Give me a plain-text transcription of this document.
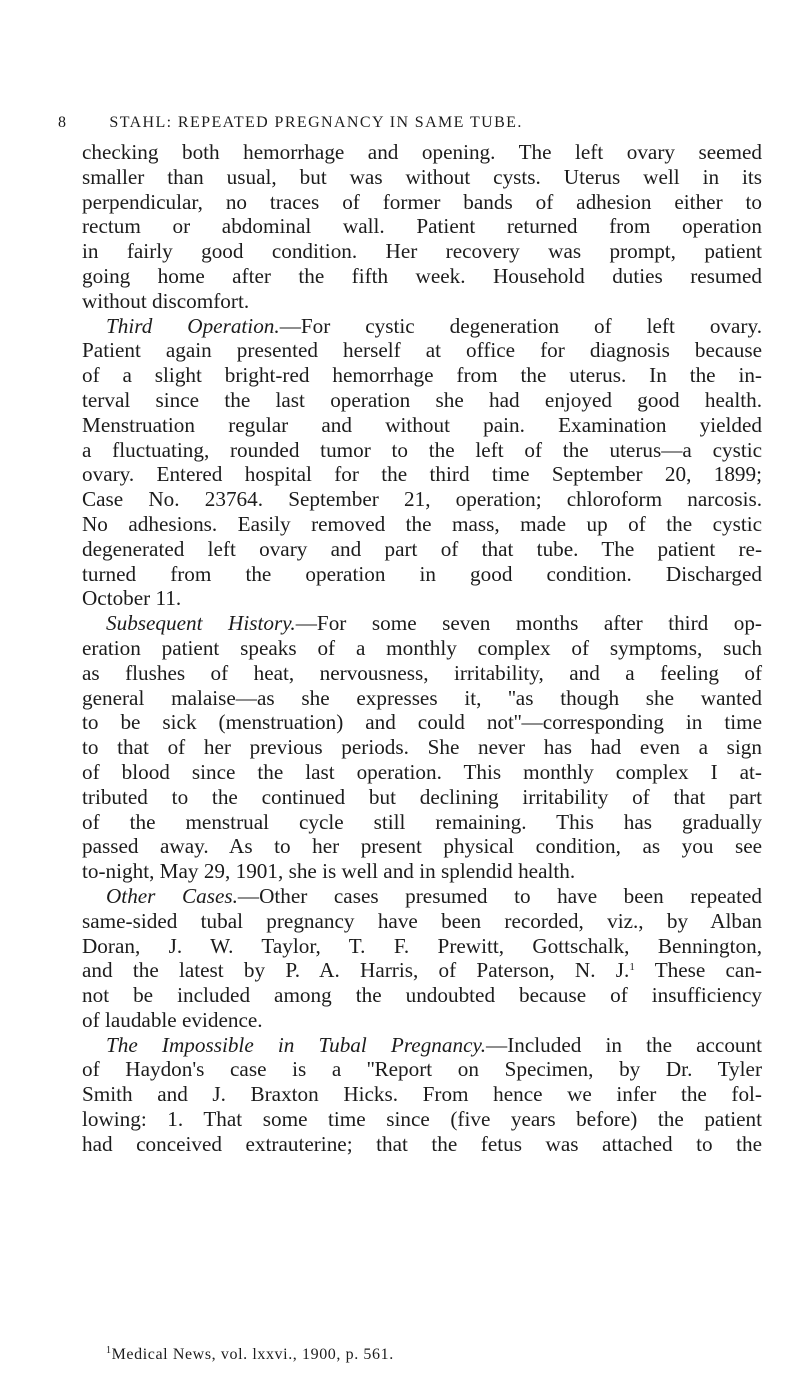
8	STAHL: REPEATED PREGNANCY IN SAME TUBE.
checking both hemorrhage and opening. The left ovary seemed
smaller than usual, but was without cysts. Uterus well in its
perpendicular, no traces of former bands of adhesion either to
rectum or abdominal wall. Patient returned from operation
in fairly good condition. Her recovery was prompt, patient
going home after the fifth week. Household duties resumed
without discomfort.
Third Operation.—For cystic degeneration of left ovary.
Patient again presented herself at office for diagnosis because
of a slight bright-red hemorrhage from the uterus. In the in-
terval since the last operation she had enjoyed good health.
Menstruation regular and without pain. Examination yielded
a fluctuating, rounded tumor to the left of the uterus—a cystic
ovary. Entered hospital for the third time September 20, 1899;
Case No. 23764. September 21, operation; chloroform narcosis.
No adhesions. Easily removed the mass, made up of the cystic
degenerated left ovary and part of that tube. The patient re-
turned from the operation in good condition. Discharged
October 11.
Subsequent History.—For some seven months after third op-
eration patient speaks of a monthly complex of symptoms, such
as flushes of heat, nervousness, irritability, and a feeling of
general malaise—as she expresses it, ''as though she wanted
to be sick (menstruation) and could not''—corresponding in time
to that of her previous periods. She never has had even a sign
of blood since the last operation. This monthly complex I at-
tributed to the continued but declining irritability of that part
of the menstrual cycle still remaining. This has gradually
passed away. As to her present physical condition, as you see
to-night, May 29, 1901, she is well and in splendid health.
Other Cases.—Other cases presumed to have been repeated
same-sided tubal pregnancy have been recorded, viz., by Alban
Doran, J. W. Taylor, T. F. Prewitt, Gottschalk, Bennington,
and the latest by P. A. Harris, of Paterson, N. J.$^1$ These can-
not be included among the undoubted because of insufficiency
of laudable evidence.
The Impossible in Tubal Pregnancy.—Included in the account
of Haydon's case is a ''Report on Specimen, by Dr. Tyler
Smith and J. Braxton Hicks. From hence we infer the fol-
lowing: 1. That some time since (five years before) the patient
had conceived extrauterine; that the fetus was attached to the
$^1$Medical News, vol. lxxvi., 1900, p. 561.
